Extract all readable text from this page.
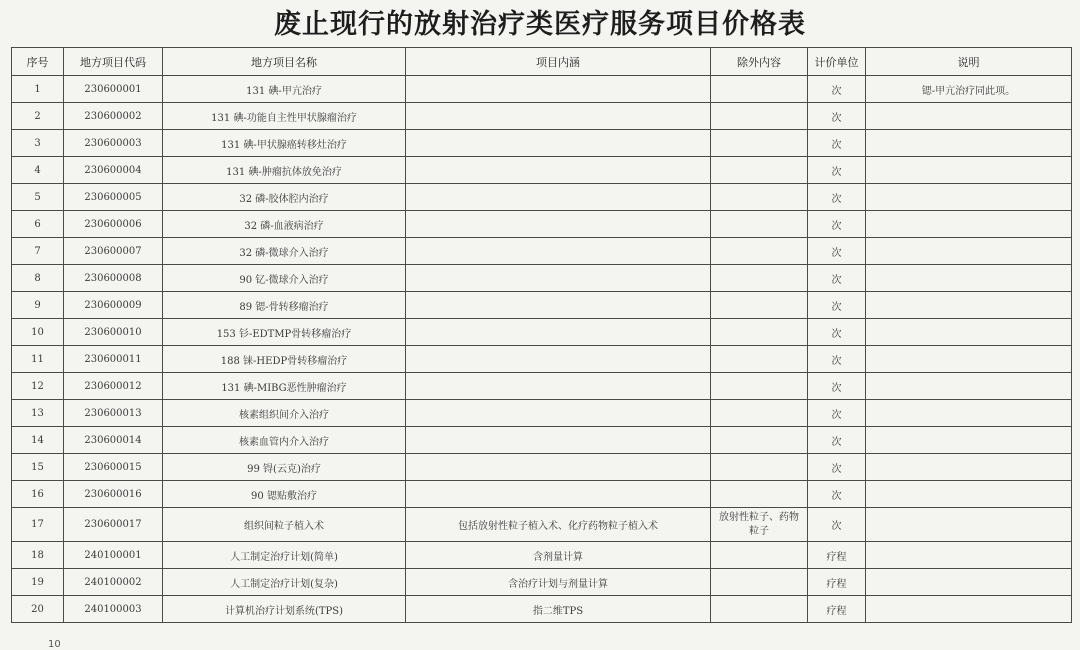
废止现行的放射治疗类医疗服务项目价格表
序号	地方项目代码	地方项目名称	项目内涵	除外内容	计价单位	说明
1	230600001	131 碘-甲亢治疗			次	锶-甲亢治疗同此项。
2	230600002	131 碘-功能自主性甲状腺瘤治疗			次	
3	230600003	131 碘-甲状腺癌转移灶治疗			次	
4	230600004	131 碘-肿瘤抗体放免治疗			次	
5	230600005	32 磷-胶体腔内治疗			次	
6	230600006	32 磷-血液病治疗			次	
7	230600007	32 磷-微球介入治疗			次	
8	230600008	90 钇-微球介入治疗			次	
9	230600009	89 锶-骨转移瘤治疗			次	
10	230600010	153 钐-EDTMP骨转移瘤治疗			次	
11	230600011	188 铼-HEDP骨转移瘤治疗			次	
12	230600012	131 碘-MIBG恶性肿瘤治疗			次	
13	230600013	核素组织间介入治疗			次	
14	230600014	核素血管内介入治疗			次	
15	230600015	99 锝(云克)治疗			次	
16	230600016	90 锶贴敷治疗			次	
17	230600017	组织间粒子植入术	包括放射性粒子植入术、化疗药物粒子植入术	放射性粒子、药物粒子	次	
18	240100001	人工制定治疗计划(简单)	含剂量计算		疗程	
19	240100002	人工制定治疗计划(复杂)	含治疗计划与剂量计算		疗程	
20	240100003	计算机治疗计划系统(TPS)	指二维TPS		疗程	
10
